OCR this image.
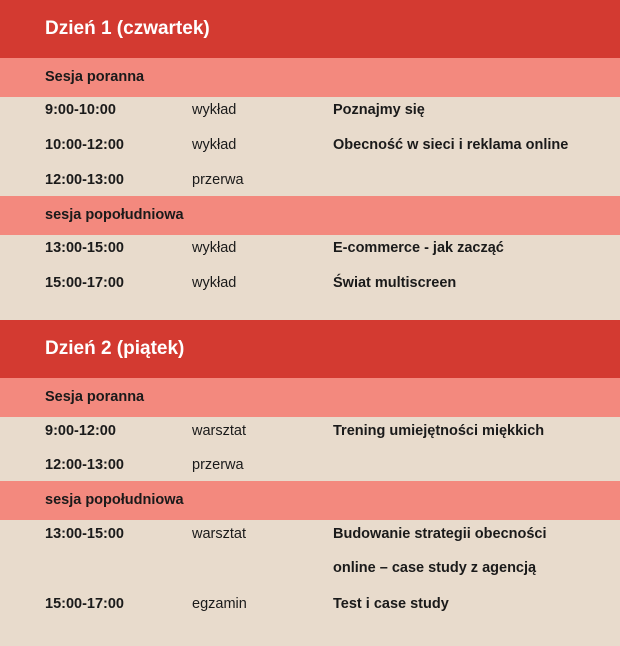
Dzień 1 (czwartek)
Sesja poranna
9:00-10:00	wykład	Poznajmy się
10:00-12:00	wykład	Obecność w sieci i reklama online
12:00-13:00	przerwa
sesja popołudniowa
13:00-15:00	wykład	E-commerce - jak zacząć
15:00-17:00	wykład	Świat multiscreen
Dzień 2 (piątek)
Sesja poranna
9:00-12:00	warsztat	Trening umiejętności miękkich
12:00-13:00	przerwa
sesja popołudniowa
13:00-15:00	warsztat	Budowanie strategii obecności
online – case study z agencją
15:00-17:00	egzamin	Test i case study
